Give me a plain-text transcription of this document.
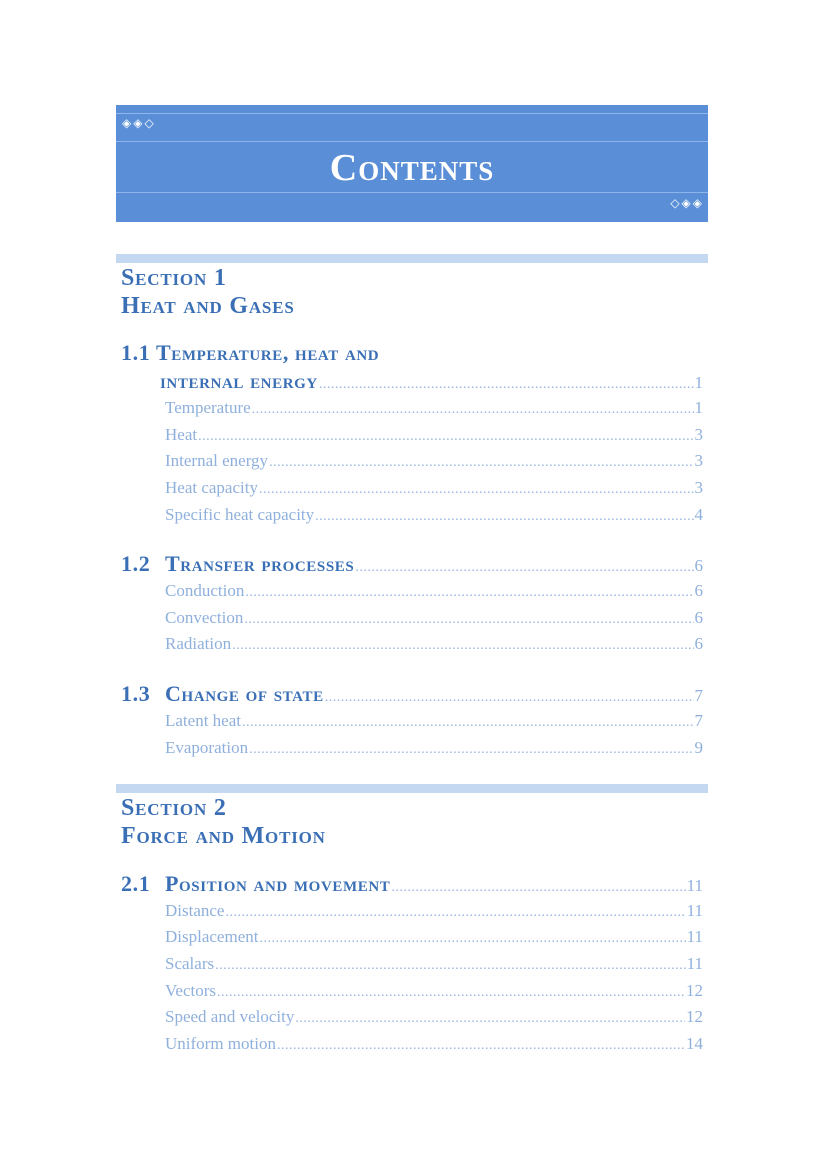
◈◈◇
Contents
◇◈◈
Section 1
Heat and Gases
1.1 Temperature, heat and
internal energy .....	1
Temperature .....	1
Heat .....	3
Internal energy .....	3
Heat capacity .....	3
Specific heat capacity .....	4
1.2 Transfer processes .....	6
Conduction .....	6
Convection .....	6
Radiation .....	6
1.3 Change of state .....	7
Latent heat .....	7
Evaporation .....	9
Section 2
Force and Motion
2.1 Position and movement .....	11
Distance .....	11
Displacement .....	11
Scalars .....	11
Vectors .....	12
Speed and velocity .....	12
Uniform motion .....	14
